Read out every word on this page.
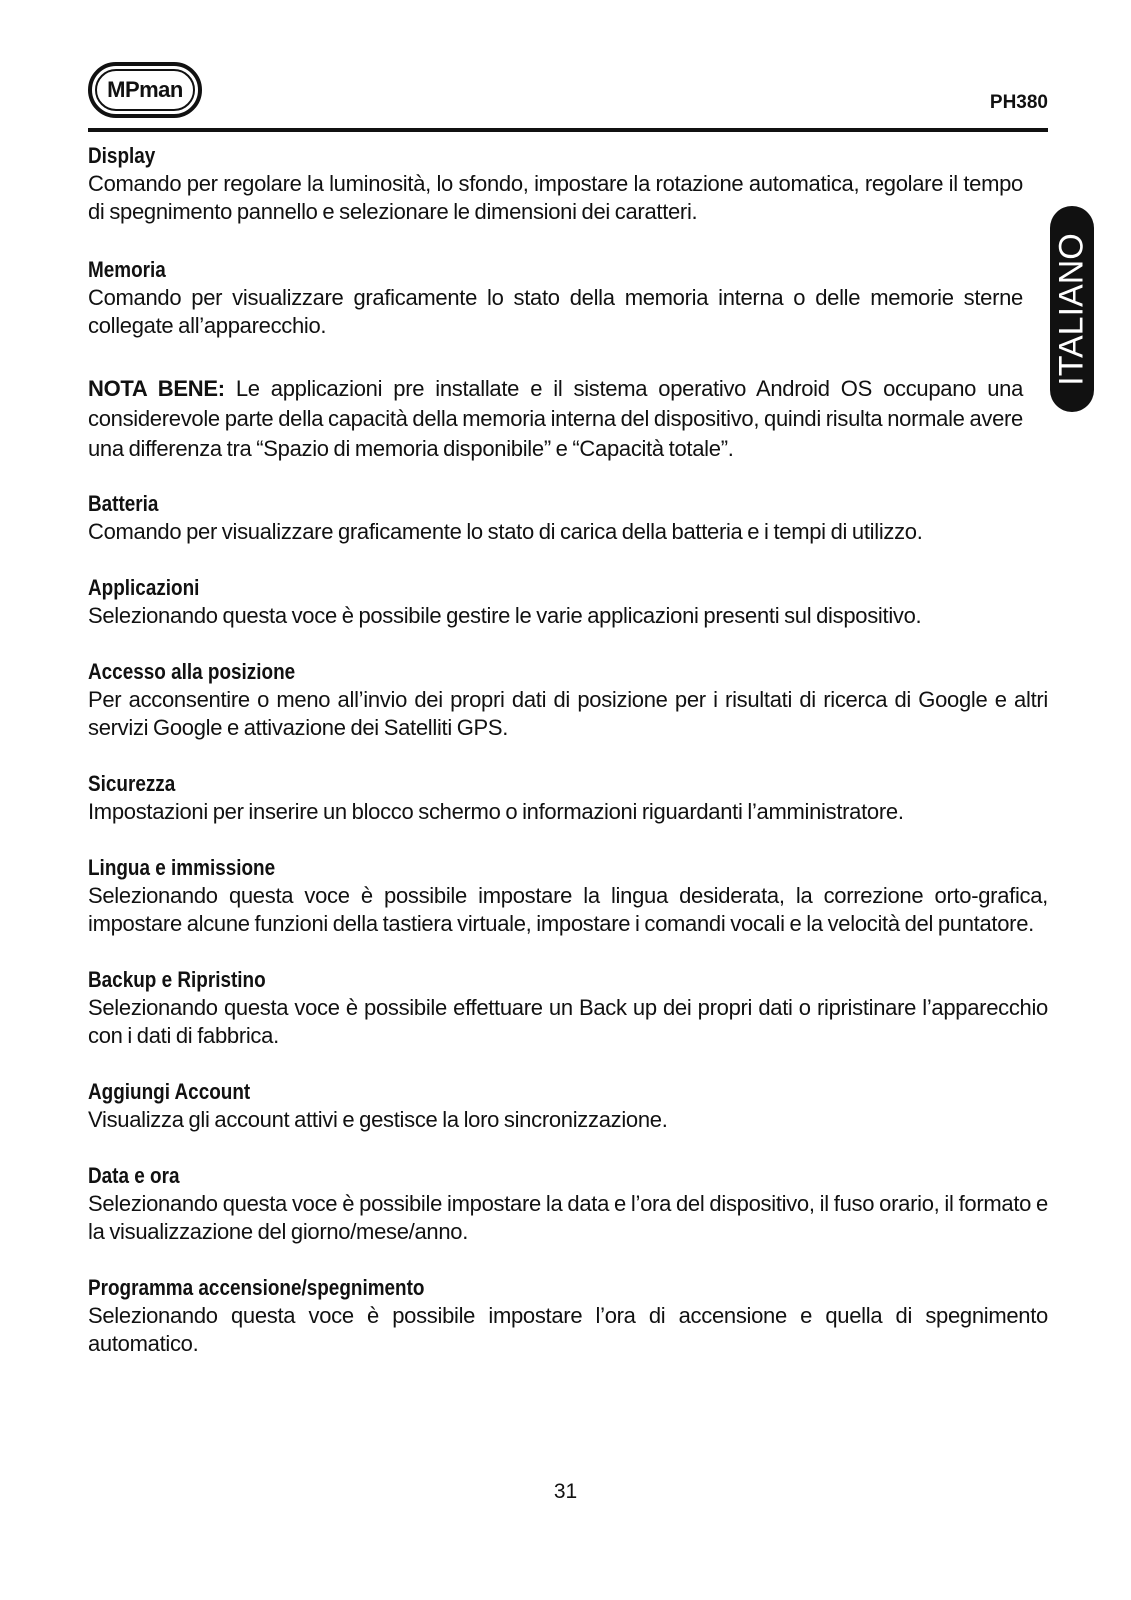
MPman
PH380
ITALIANO
Display

Comando per regolare la luminosità, lo sfondo, impostare la rotazione automatica, regolare il tempo di spegnimento pannello e selezionare le dimensioni dei caratteri.

Memoria

Comando per visualizzare graficamente lo stato della memoria interna o delle memorie sterne collegate all’apparecchio.

NOTA BENE: Le applicazioni pre installate e il sistema operativo Android OS occupano una considerevole parte della capacità della memoria interna del dispositivo, quindi risulta normale avere una differenza tra “Spazio di memoria disponibile” e “Capacità totale”.
Batteria

Comando per visualizzare graficamente lo stato di carica della batteria e i tempi di utilizzo.

Applicazioni

Selezionando questa voce è possibile gestire le varie applicazioni presenti sul dispositivo.

Accesso alla posizione

Per acconsentire o meno all’invio dei propri dati di posizione per i risultati di ricerca di Google e altri servizi Google e attivazione dei Satelliti GPS.

Sicurezza

Impostazioni per inserire un blocco schermo o informazioni riguardanti l’amministratore.

Lingua e immissione

Selezionando questa voce è possibile impostare la lingua desiderata, la correzione orto-grafica, impostare alcune funzioni della tastiera virtuale, impostare i comandi vocali e la velocità del puntatore.

Backup e Ripristino

Selezionando questa voce è possibile effettuare un Back up dei propri dati o ripristinare l’apparecchio con i dati di fabbrica.

Aggiungi Account

Visualizza gli account attivi e gestisce la loro sincronizzazione.

Data e ora

Selezionando questa voce è possibile impostare la data e l’ora del dispositivo, il fuso orario, il formato e la visualizzazione del giorno/mese/anno.

Programma accensione/spegnimento

Selezionando questa voce è possibile impostare l’ora di accensione e quella di spegnimento automatico.

31
